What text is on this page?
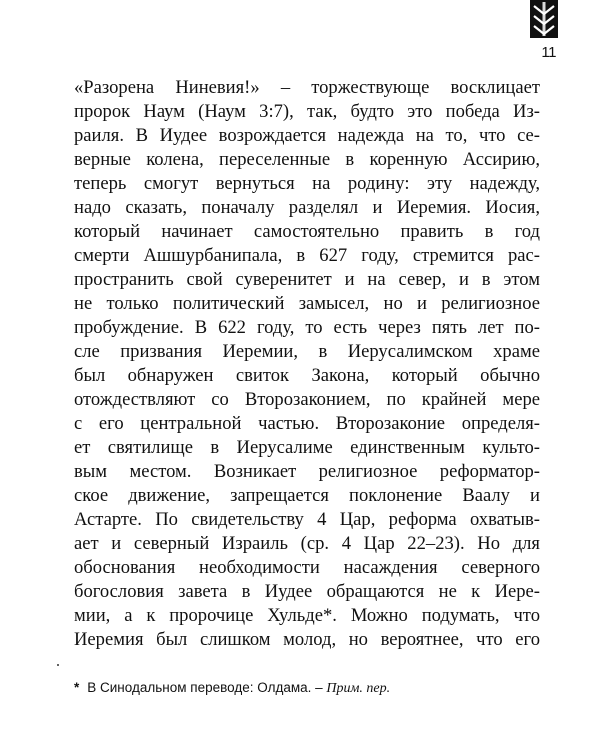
11
«Разорена Ниневия!» – торжествующе восклицает
пророк Наум (Наум 3:7), так, будто это победа Из-
раиля. В Иудее возрождается надежда на то, что се-
верные колена, переселенные в коренную Ассирию,
теперь смогут вернуться на родину: эту надежду,
надо сказать, поначалу разделял и Иеремия. Иосия,
который начинает самостоятельно править в год
смерти Ашшурбанипала, в 627 году, стремится рас-
пространить свой суверенитет и на север, и в этом
не только политический замысел, но и религиозное
пробуждение. В 622 году, то есть через пять лет по-
сле призвания Иеремии, в Иерусалимском храме
был обнаружен свиток Закона, который обычно
отождествляют со Второзаконием, по крайней мере
с его центральной частью. Второзаконие определя-
ет святилище в Иерусалиме единственным культо-
вым местом. Возникает религиозное реформатор-
ское движение, запрещается поклонение Ваалу и
Астарте. По свидетельству 4 Цар, реформа охватыв-
ает и северный Израиль (ср. 4 Цар 22–23). Но для
обоснования необходимости насаждения северного
богословия завета в Иудее обращаются не к Иере-
мии, а к пророчице Хульде*. Можно подумать, что
Иеремия был слишком молод, но вероятнее, что его
* В Синодальном переводе: Олдама. – Прим. пер.
